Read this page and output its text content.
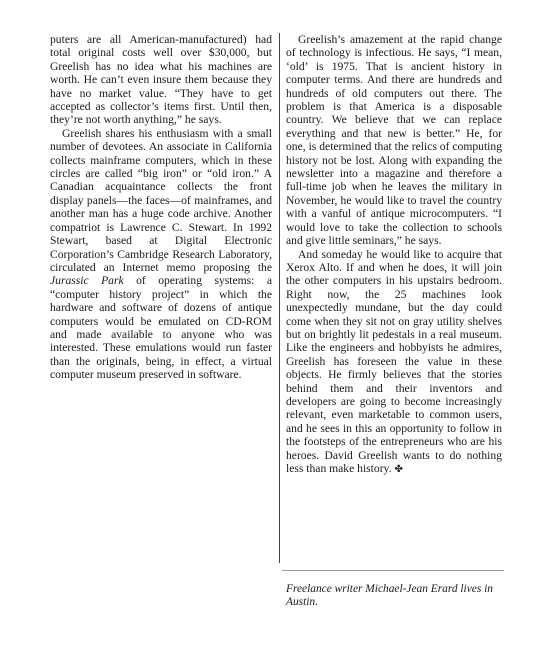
puters are all American-manufactured) had total original costs well over $30,000, but Greelish has no idea what his machines are worth. He can’t even insure them because they have no market value. “They have to get accepted as collector’s items first. Until then, they’re not worth anything,” he says.

Greelish shares his enthusiasm with a small number of devotees. An associate in California collects mainframe computers, which in these circles are called “big iron” or “old iron.” A Canadian acquaintance collects the front display panels—the faces—of mainframes, and another man has a huge code archive. Another compatriot is Lawrence C. Stewart. In 1992 Stewart, based at Digital Electronic Corporation’s Cambridge Research Laboratory, circulated an Internet memo proposing the Jurassic Park of operating systems: a “computer history project” in which the hardware and software of dozens of antique computers would be emulated on CD-ROM and made available to anyone who was interested. These emulations would run faster than the originals, being, in effect, a virtual computer museum preserved in software.

Greelish’s amazement at the rapid change of technology is infectious. He says, “I mean, ‘old’ is 1975. That is ancient history in computer terms. And there are hundreds and hundreds of old computers out there. The problem is that America is a disposable country. We believe that we can replace everything and that new is better.” He, for one, is determined that the relics of computing history not be lost. Along with expanding the newsletter into a magazine and therefore a full-time job when he leaves the military in November, he would like to travel the country with a vanful of antique microcomputers. “I would love to take the collection to schools and give little seminars,” he says.

And someday he would like to acquire that Xerox Alto. If and when he does, it will join the other computers in his upstairs bedroom. Right now, the 25 machines look unexpectedly mundane, but the day could come when they sit not on gray utility shelves but on brightly lit pedestals in a real museum. Like the engineers and hobbyists he admires, Greelish has foreseen the value in these objects. He firmly believes that the stories behind them and their inventors and developers are going to become increasingly relevant, even marketable to common users, and he sees in this an opportunity to follow in the footsteps of the entrepreneurs who are his heroes. David Greelish wants to do nothing less than make history. ✤

Freelance writer Michael-Jean Erard lives in Austin.
